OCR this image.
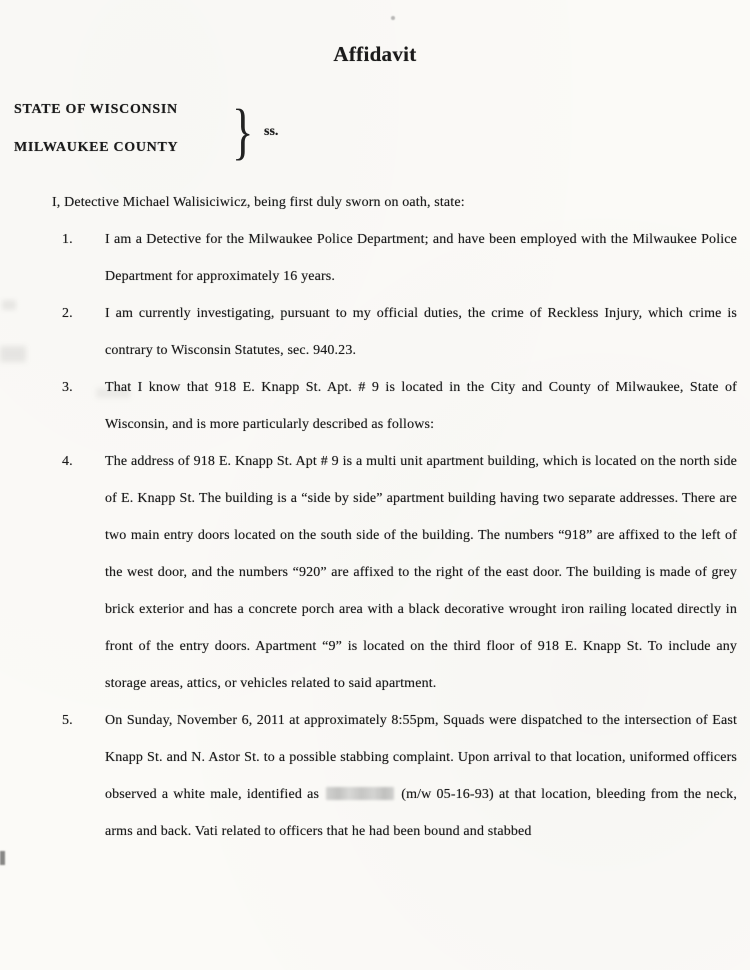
Affidavit
STATE OF WISCONSIN
MILWAUKEE COUNTY } ss.

I, Detective Michael Walisiciwicz, being first duly sworn on oath, state:

1. I am a Detective for the Milwaukee Police Department; and have been employed with the Milwaukee Police Department for approximately 16 years.
2. I am currently investigating, pursuant to my official duties, the crime of Reckless Injury, which crime is contrary to Wisconsin Statutes, sec. 940.23.
3. That I know that 918 E. Knapp St. Apt. # 9 is located in the City and County of Milwaukee, State of Wisconsin, and is more particularly described as follows:
4. The address of 918 E. Knapp St. Apt # 9 is a multi unit apartment building, which is located on the north side of E. Knapp St. The building is a “side by side” apartment building having two separate addresses. There are two main entry doors located on the south side of the building. The numbers “918” are affixed to the left of the west door, and the numbers “920” are affixed to the right of the east door. The building is made of grey brick exterior and has a concrete porch area with a black decorative wrought iron railing located directly in front of the entry doors. Apartment “9” is located on the third floor of 918 E. Knapp St. To include any storage areas, attics, or vehicles related to said apartment.
5. On Sunday, November 6, 2011 at approximately 8:55pm, Squads were dispatched to the intersection of East Knapp St. and N. Astor St. to a possible stabbing complaint. Upon arrival to that location, uniformed officers observed a white male, identified as	(m/w 05-16-93) at that location, bleeding from the neck, arms and back. Vati related to officers that he had been bound and stabbed
